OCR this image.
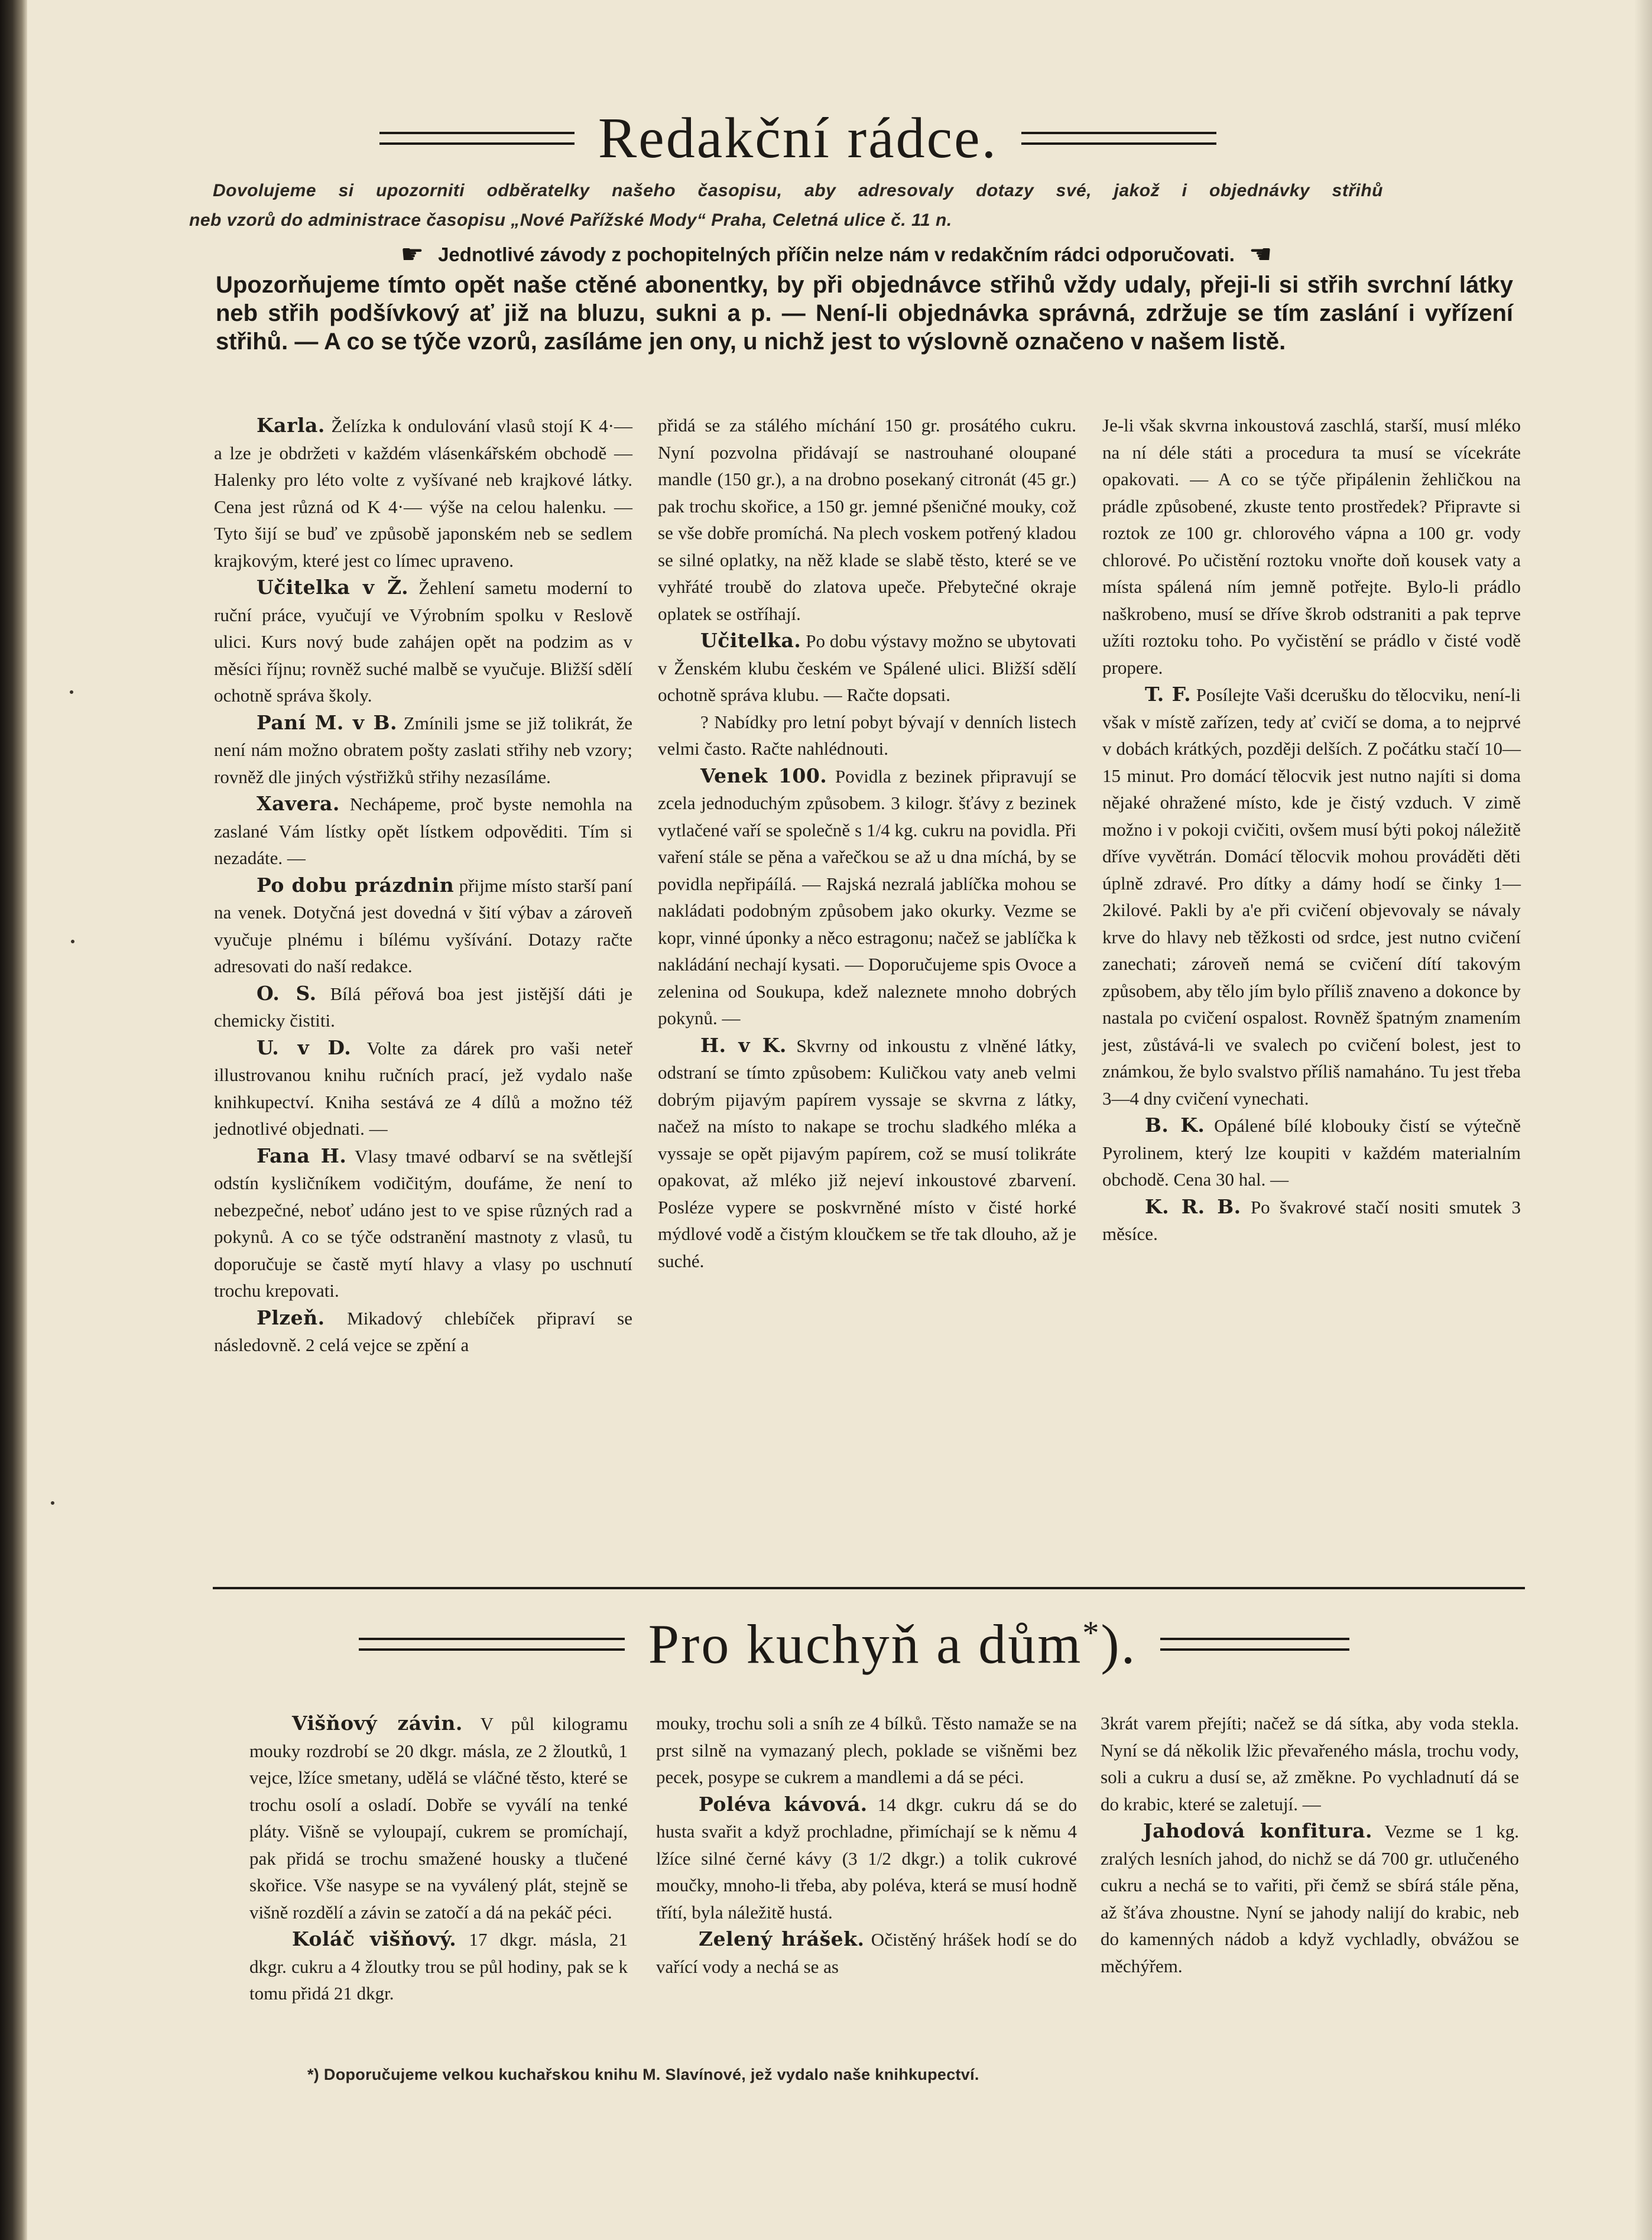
Redakční rádce.
Dovolujeme si upozorniti odběratelky našeho časopisu, aby adresovaly dotazy své, jakož i objednávky střihů
neb vzorů do administrace časopisu „Nové Pařížské Mody“ Praha, Celetná ulice č. 11 n.
☛ Jednotlivé závody z pochopitelných příčin nelze nám v redakčním rádci odporučovati. ☚
Upozorňujeme tímto opět naše ctěné abonentky, by při objednávce střihů vždy udaly, přeji-li si střih svrchní látky neb střih podšívkový ať již na bluzu, sukni a p. — Není-li objednávka správná, zdržuje se tím zaslání i vyřízení střihů. — A co se týče vzorů, zasíláme jen ony, u nichž jest to výslovně označeno v našem listě.

Karla. Želízka k ondulování vlasů stojí K 4·— a lze je obdržeti v každém vlásenkářském obchodě — Halenky pro léto volte z vyšívané neb krajkové látky. Cena jest různá od K 4·— výše na celou halenku. — Tyto šijí se buď ve způsobě japonském neb se sedlem krajkovým, které jest co límec upraveno.

Učitelka v Ž. Žehlení sametu moderní to ruční práce, vyučují ve Výrobním spolku v Reslově ulici. Kurs nový bude zahájen opět na podzim as v měsíci říjnu; rovněž suché malbě se vyučuje. Bližší sdělí ochotně správa školy.

Paní M. v B. Zmínili jsme se již tolikrát, že není nám možno obratem pošty zaslati střihy neb vzory; rovněž dle jiných výstřižků střihy nezasíláme.

Xavera. Nechápeme, proč byste nemohla na zaslané Vám lístky opět lístkem odpověditi. Tím si nezadáte. —

Po dobu prázdnin přijme místo starší paní na venek. Dotyčná jest dovedná v šití výbav a zároveň vyučuje plnému i bílému vyšívání. Dotazy račte adresovati do naší redakce.

O. S. Bílá péřová boa jest jistější dáti je chemicky čistiti.

U. v D. Volte za dárek pro vaši neteř illustrovanou knihu ručních prací, jež vydalo naše knihkupectví. Kniha sestává ze 4 dílů a možno též jednotlivé objednati. —

Fana H. Vlasy tmavé odbarví se na světlejší odstín kysličníkem vodičitým, doufáme, že není to nebezpečné, neboť udáno jest to ve spise různých rad a pokynů. A co se týče odstranění mastnoty z vlasů, tu doporučuje se častě mytí hlavy a vlasy po uschnutí trochu krepovati.

Plzeň. Mikadový chlebíček připraví se následovně. 2 celá vejce se zpění a

přidá se za stálého míchání 150 gr. prosátého cukru. Nyní pozvolna přidávají se nastrouhané oloupané mandle (150 gr.), a na drobno posekaný citronát (45 gr.) pak trochu skořice, a 150 gr. jemné pšeničné mouky, což se vše dobře promíchá. Na plech voskem potřený kladou se silné oplatky, na něž klade se slabě těsto, které se ve vyhřáté troubě do zlatova upeče. Přebytečné okraje oplatek se ostříhají.

Učitelka. Po dobu výstavy možno se ubytovati v Ženském klubu českém ve Spálené ulici. Bližší sdělí ochotně správa klubu. — Račte dopsati.

? Nabídky pro letní pobyt bývají v denních listech velmi často. Račte nahlédnouti.

Venek 100. Povidla z bezinek připravují se zcela jednoduchým způsobem. 3 kilogr. šťávy z bezinek vytlačené vaří se společně s 1/4 kg. cukru na povidla. Při vaření stále se pěna a vařečkou se až u dna míchá, by se povidla nepřipáílá. — Rajská nezralá jablíčka mohou se nakládati podobným způsobem jako okurky. Vezme se kopr, vinné úponky a něco estragonu; načež se jablíčka k nakládání nechají kysati. — Doporučujeme spis Ovoce a zelenina od Soukupa, kdež naleznete mnoho dobrých pokynů. —

H. v K. Skvrny od inkoustu z vlněné látky, odstraní se tímto způsobem: Kuličkou vaty aneb velmi dobrým pijavým papírem vyssaje se skvrna z látky, načež na místo to nakape se trochu sladkého mléka a vyssaje se opět pijavým papírem, což se musí tolikráte opakovat, až mléko již nejeví inkoustové zbarvení. Posléze vypere se poskvrněné místo v čisté horké mýdlové vodě a čistým kloučkem se tře tak dlouho, až je suché.

Je-li však skvrna inkoustová zaschlá, starší, musí mléko na ní déle státi a procedura ta musí se vícekráte opakovati. — A co se týče připálenin žehličkou na prádle způsobené, zkuste tento prostředek? Připravte si roztok ze 100 gr. chlorového vápna a 100 gr. vody chlorové. Po učistění roztoku vnořte doň kousek vaty a místa spálená ním jemně potřejte. Bylo-li prádlo naškrobeno, musí se dříve škrob odstraniti a pak teprve užíti roztoku toho. Po vyčistění se prádlo v čisté vodě propere.

T. F. Posílejte Vaši dcerušku do tělocviku, není-li však v místě zařízen, tedy ať cvičí se doma, a to nejprvé v dobách krátkých, později delších. Z počátku stačí 10—15 minut. Pro domácí tělocvik jest nutno najíti si doma nějaké ohražené místo, kde je čistý vzduch. V zimě možno i v pokoji cvičiti, ovšem musí býti pokoj náležitě dříve vyvětrán. Domácí tělocvik mohou prováděti děti úplně zdravé. Pro dítky a dámy hodí se činky 1—2kilové. Pakli by a'e při cvičení objevovaly se návaly krve do hlavy neb těžkosti od srdce, jest nutno cvičení zanechati; zároveň nemá se cvičení dítí takovým způsobem, aby tělo jím bylo příliš znaveno a dokonce by nastala po cvičení ospalost. Rovněž špatným znamením jest, zůstává-li ve svalech po cvičení bolest, jest to známkou, že bylo svalstvo příliš namaháno. Tu jest třeba 3—4 dny cvičení vynechati.

B. K. Opálené bílé klobouky čistí se výtečně Pyrolinem, který lze koupiti v každém materialním obchodě. Cena 30 hal. —

K. R. B. Po švakrové stačí nositi smutek 3 měsíce.

Pro kuchyň a dům*).

Višňový závin. V půl kilogramu mouky rozdrobí se 20 dkgr. másla, ze 2 žloutků, 1 vejce, lžíce smetany, udělá se vláčné těsto, které se trochu osolí a osladí. Dobře se vyválí na tenké pláty. Višně se vyloupají, cukrem se promíchají, pak přidá se trochu smažené housky a tlučené skořice. Vše nasype se na vyválený plát, stejně se višně rozdělí a závin se zatočí a dá na pekáč péci.

Koláč višňový. 17 dkgr. másla, 21 dkgr. cukru a 4 žloutky trou se půl hodiny, pak se k tomu přidá 21 dkgr.

mouky, trochu soli a sníh ze 4 bílků. Těsto namaže se na prst silně na vymazaný plech, poklade se višněmi bez pecek, posype se cukrem a mandlemi a dá se péci.

Poléva kávová. 14 dkgr. cukru dá se do husta svařit a když prochladne, přimíchají se k němu 4 lžíce silné černé kávy (3 1/2 dkgr.) a tolik cukrové moučky, mnoho-li třeba, aby poléva, která se musí hodně třítí, byla náležitě hustá.

Zelený hrášek. Očistěný hrášek hodí se do vařící vody a nechá se as

3krát varem přejíti; načež se dá sítka, aby voda stekla. Nyní se dá několik lžic převařeného másla, trochu vody, soli a cukru a dusí se, až změkne. Po vychladnutí dá se do krabic, které se zaletují. —

Jahodová konfitura. Vezme se 1 kg. zralých lesních jahod, do nichž se dá 700 gr. utlučeného cukru a nechá se to vařiti, při čemž se sbírá stále pěna, až šťáva zhoustne. Nyní se jahody nalijí do krabic, neb do kamenných nádob a když vychladly, obvážou se měchýřem.

*) Doporučujeme velkou kuchařskou knihu M. Slavínové, jež vydalo naše knihkupectví.
